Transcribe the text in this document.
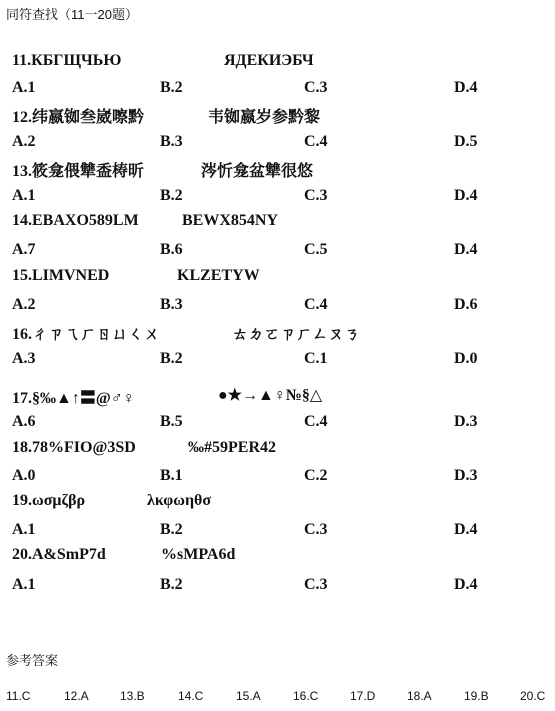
同符查找（11一20题）
11.КБГЩЧЬЮ	ЯДЕКИЭБЧ
A.1	B.2	C.3	D.4
12.纬嬴铷叁崴嚓黔	韦铷嬴岁参黔黎
A.2	B.3	C.4	D.5
13.筱龛偎犨盉梼昕	涔忻龛盆犨很悠
A.1	B.2	C.3	D.4
14.EBAXO589LM	BEWX854NY
A.7	B.6	C.5	D.4
15.LIMVNED	KLZETYW
A.2	B.3	C.4	D.6
16.ㄔㄗㄟㄏㄖㄩㄑㄨ	ㄊㄉㄛㄗㄏㄥㄡㄋ
A.3	B.2	C.1	D.0
17.§‰▲↑〓@♂♀	●★→▲♀№§△
A.6	B.5	C.4	D.3
18.78%FIO@3SD	‰#59PER42
A.0	B.1	C.2	D.3
19.ωσμζβρ	λκφωηθσ
A.1	B.2	C.3	D.4
20.A&SmP7d	%sMPA6d
A.1	B.2	C.3	D.4
参考答案
11.C	12.A	13.B	14.C	15.A	16.C	17.D	18.A	19.B	20.C
